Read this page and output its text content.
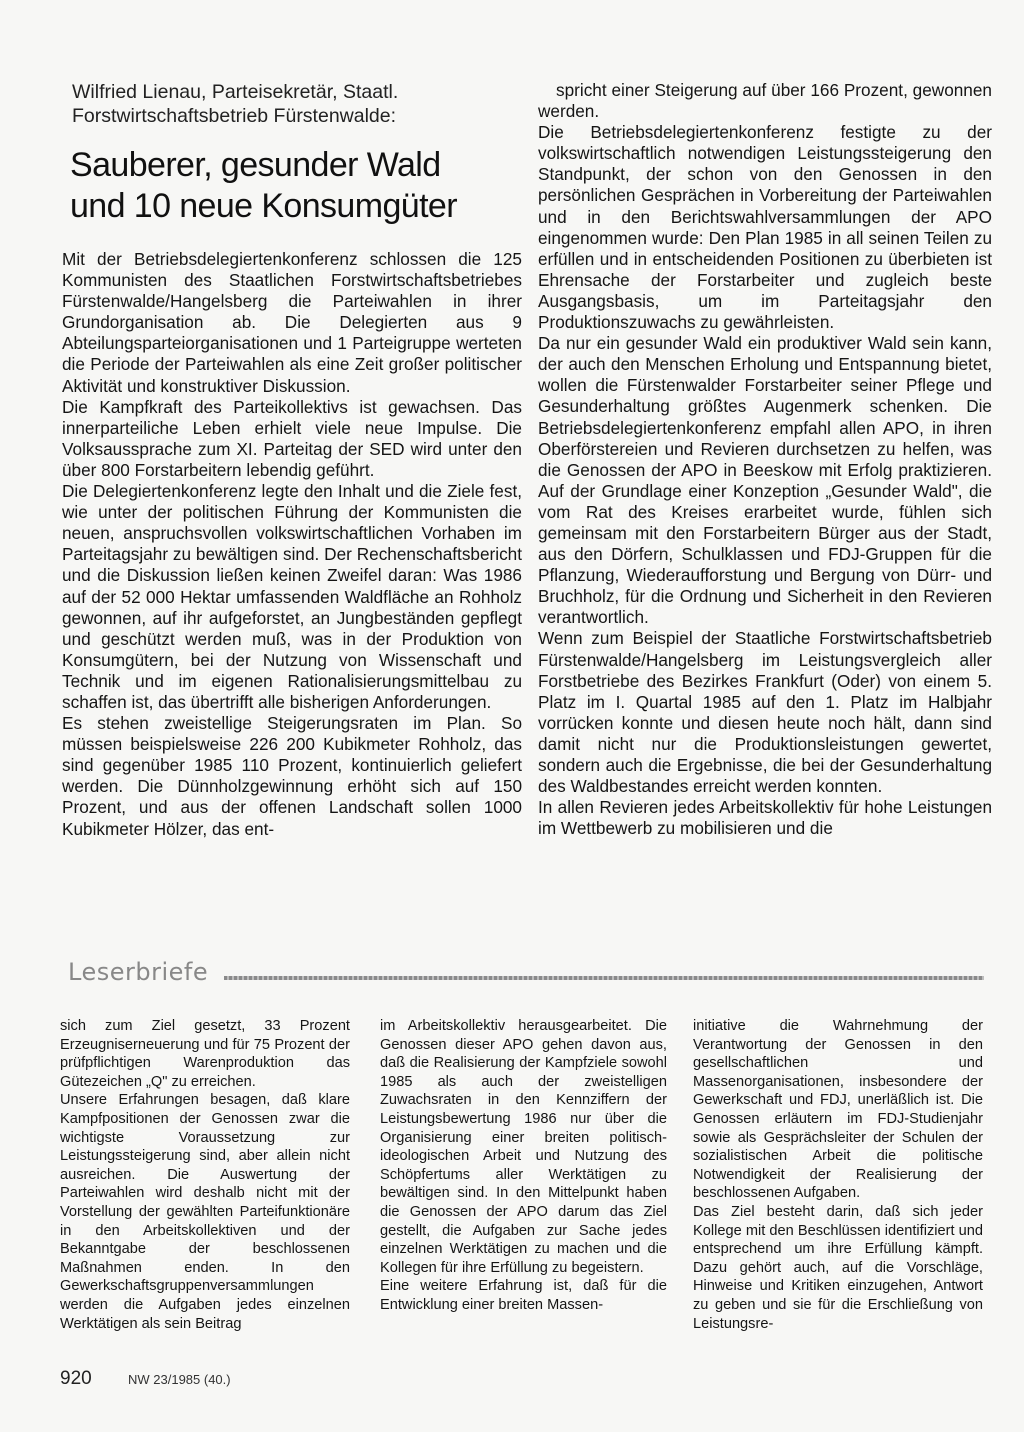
Wilfried Lienau, Parteisekretär, Staatl.
Forstwirtschaftsbetrieb Fürstenwalde:
Sauberer, gesunder Wald
und 10 neue Konsumgüter

Mit der Betriebsdelegiertenkonferenz schlossen die 125 Kommunisten des Staatlichen Forstwirtschaftsbetriebes Fürstenwalde/Hangelsberg die Parteiwahlen in ihrer Grundorganisation ab. Die Delegierten aus 9 Abteilungsparteiorganisationen und 1 Parteigruppe werteten die Periode der Parteiwahlen als eine Zeit großer politischer Aktivität und konstruktiver Diskussion.

Die Kampfkraft des Parteikollektivs ist gewachsen. Das innerparteiliche Leben erhielt viele neue Impulse. Die Volksaussprache zum XI. Parteitag der SED wird unter den über 800 Forstarbeitern lebendig geführt.

Die Delegiertenkonferenz legte den Inhalt und die Ziele fest, wie unter der politischen Führung der Kommunisten die neuen, anspruchsvollen volkswirtschaftlichen Vorhaben im Parteitagsjahr zu bewältigen sind. Der Rechenschaftsbericht und die Diskussion ließen keinen Zweifel daran: Was 1986 auf der 52 000 Hektar umfassenden Waldfläche an Rohholz gewonnen, auf ihr aufgeforstet, an Jungbeständen gepflegt und geschützt werden muß, was in der Produktion von Konsumgütern, bei der Nutzung von Wissenschaft und Technik und im eigenen Rationalisierungsmittelbau zu schaffen ist, das übertrifft alle bisherigen Anforderungen.

Es stehen zweistellige Steigerungsraten im Plan. So müssen beispielsweise 226 200 Kubikmeter Rohholz, das sind gegenüber 1985 110 Prozent, kontinuierlich geliefert werden. Die Dünnholzgewinnung erhöht sich auf 150 Prozent, und aus der offenen Landschaft sollen 1000 Kubikmeter Hölzer, das ent-

spricht einer Steigerung auf über 166 Prozent, gewonnen werden.

Die Betriebsdelegiertenkonferenz festigte zu der volkswirtschaftlich notwendigen Leistungssteigerung den Standpunkt, der schon von den Genossen in den persönlichen Gesprächen in Vorbereitung der Parteiwahlen und in den Berichtswahlversammlungen der APO eingenommen wurde: Den Plan 1985 in all seinen Teilen zu erfüllen und in entscheidenden Positionen zu überbieten ist Ehrensache der Forstarbeiter und zugleich beste Ausgangsbasis, um im Parteitagsjahr den Produktionszuwachs zu gewährleisten.

Da nur ein gesunder Wald ein produktiver Wald sein kann, der auch den Menschen Erholung und Entspannung bietet, wollen die Fürstenwalder Forstarbeiter seiner Pflege und Gesunderhaltung größtes Augenmerk schenken. Die Betriebsdelegiertenkonferenz empfahl allen APO, in ihren Oberförstereien und Revieren durchsetzen zu helfen, was die Genossen der APO in Beeskow mit Erfolg praktizieren. Auf der Grundlage einer Konzeption „Gesunder Wald", die vom Rat des Kreises erarbeitet wurde, fühlen sich gemeinsam mit den Forstarbeitern Bürger aus der Stadt, aus den Dörfern, Schulklassen und FDJ-Gruppen für die Pflanzung, Wiederaufforstung und Bergung von Dürr- und Bruchholz, für die Ordnung und Sicherheit in den Revieren verantwortlich.

Wenn zum Beispiel der Staatliche Forstwirtschaftsbetrieb Fürstenwalde/Hangelsberg im Leistungsvergleich aller Forstbetriebe des Bezirkes Frankfurt (Oder) von einem 5. Platz im I. Quartal 1985 auf den 1. Platz im Halbjahr vorrücken konnte und diesen heute noch hält, dann sind damit nicht nur die Produktionsleistungen gewertet, sondern auch die Ergebnisse, die bei der Gesunderhaltung des Waldbestandes erreicht werden konnten.

In allen Revieren jedes Arbeitskollektiv für hohe Leistungen im Wettbewerb zu mobilisieren und die

Leserbriefe

sich zum Ziel gesetzt, 33 Prozent Erzeugniserneuerung und für 75 Prozent der prüfpflichtigen Warenproduktion das Gütezeichen „Q" zu erreichen.

Unsere Erfahrungen besagen, daß klare Kampfpositionen der Genossen zwar die wichtigste Voraussetzung zur Leistungssteigerung sind, aber allein nicht ausreichen. Die Auswertung der Parteiwahlen wird deshalb nicht mit der Vorstellung der gewählten Parteifunktionäre in den Arbeitskollektiven und der Bekanntgabe der beschlossenen Maßnahmen enden. In den Gewerkschaftsgruppenversammlungen werden die Aufgaben jedes einzelnen Werktätigen als sein Beitrag

im Arbeitskollektiv herausgearbeitet. Die Genossen dieser APO gehen davon aus, daß die Realisierung der Kampfziele sowohl 1985 als auch der zweistelligen Zuwachsraten in den Kennziffern der Leistungsbewertung 1986 nur über die Organisierung einer breiten politisch-ideologischen Arbeit und Nutzung des Schöpfertums aller Werktätigen zu bewältigen sind. In den Mittelpunkt haben die Genossen der APO darum das Ziel gestellt, die Aufgaben zur Sache jedes einzelnen Werktätigen zu machen und die Kollegen für ihre Erfüllung zu begeistern.

Eine weitere Erfahrung ist, daß für die Entwicklung einer breiten Massen-

initiative die Wahrnehmung der Verantwortung der Genossen in den gesellschaftlichen und Massenorganisationen, insbesondere der Gewerkschaft und FDJ, unerläßlich ist. Die Genossen erläutern im FDJ-Studienjahr sowie als Gesprächsleiter der Schulen der sozialistischen Arbeit die politische Notwendigkeit der Realisierung der beschlossenen Aufgaben.

Das Ziel besteht darin, daß sich jeder Kollege mit den Beschlüssen identifiziert und entsprechend um ihre Erfüllung kämpft. Dazu gehört auch, auf die Vorschläge, Hinweise und Kritiken einzugehen, Antwort zu geben und sie für die Erschließung von Leistungsre-

920	NW 23/1985 (40.)
